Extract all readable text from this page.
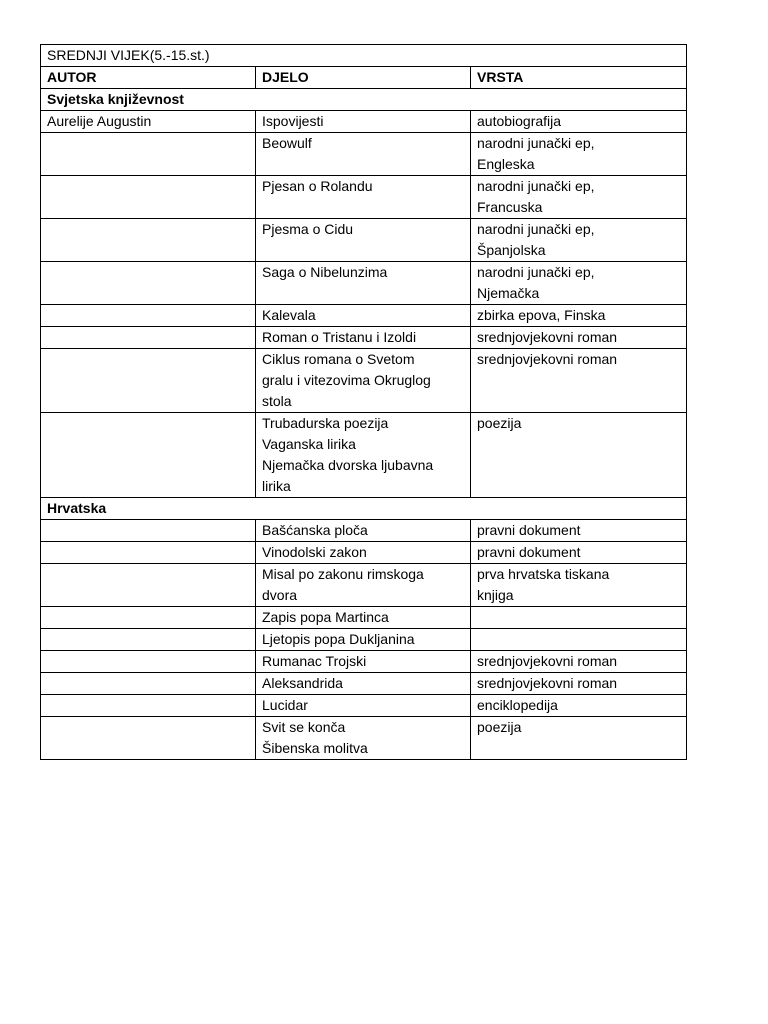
SREDNJI VIJEK(5.-15.st.)		
AUTOR	DJELO	VRSTA
Svjetska književnost		
Aurelije Augustin	Ispovijesti	autobiografija
	Beowulf	narodni junački ep,
Engleska
	Pjesan o Rolandu	narodni junački ep,
Francuska
	Pjesma o Cidu	narodni junački ep,
Španjolska
	Saga o Nibelunzima	narodni junački ep,
Njemačka
	Kalevala	zbirka epova, Finska
	Roman o Tristanu i Izoldi	srednjovjekovni roman
	Ciklus romana o Svetom
gralu i vitezovima Okruglog
stola	srednjovjekovni roman
	Trubadurska poezija
Vaganska lirika
Njemačka dvorska ljubavna
lirika	poezija
Hrvatska		
	Bašćanska ploča	pravni dokument
	Vinodolski zakon	pravni dokument
	Misal po zakonu rimskoga
dvora	prva hrvatska tiskana
knjiga
	Zapis popa Martinca	
	Ljetopis popa Dukljanina	
	Rumanac Trojski	srednjovjekovni roman
	Aleksandrida	srednjovjekovni roman
	Lucidar	enciklopedija
	Svit se konča
Šibenska molitva	poezija
